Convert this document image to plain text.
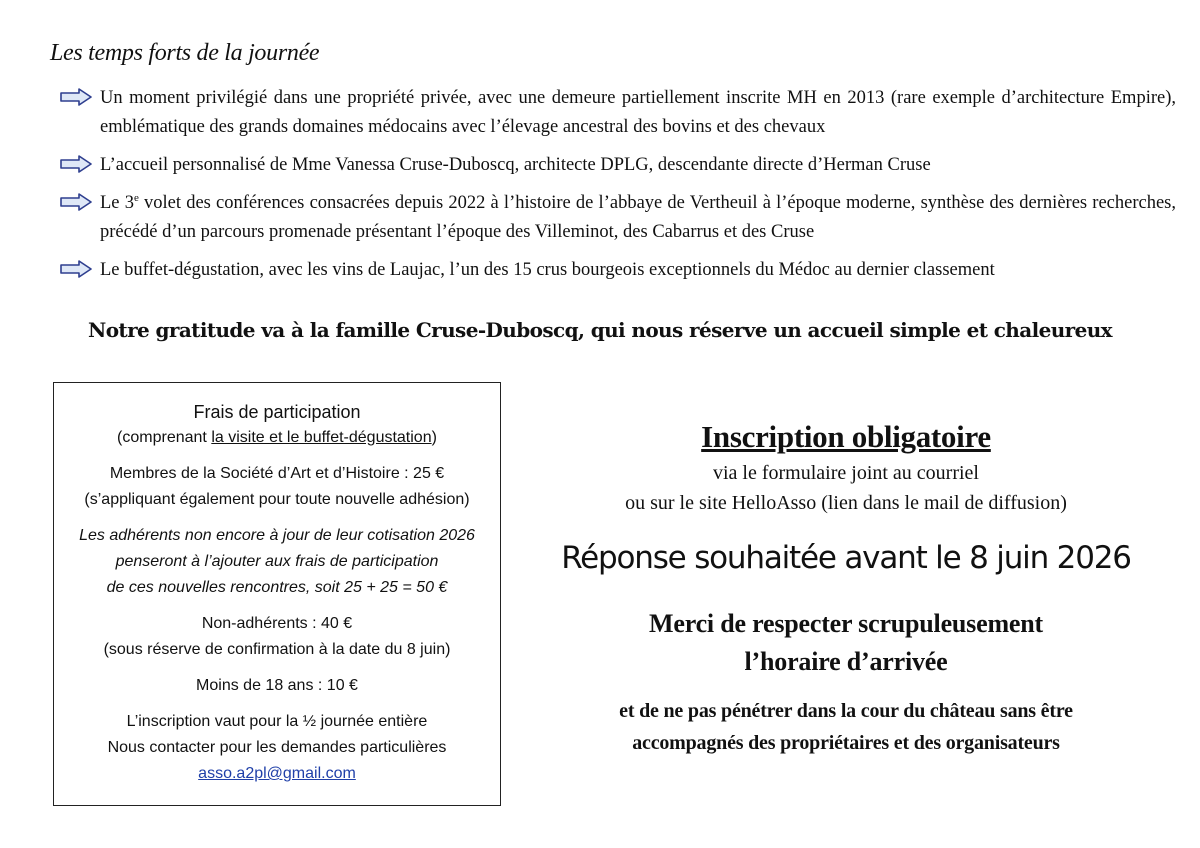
Les temps forts de la journée
Un moment privilégié dans une propriété privée, avec une demeure partiellement inscrite MH en 2013 (rare exemple d’architecture Empire), emblématique des grands domaines médocains avec l’élevage ancestral des bovins et des chevaux
L’accueil personnalisé de Mme Vanessa Cruse-Duboscq, architecte DPLG, descendante directe d’Herman Cruse
Le 3e volet des conférences consacrées depuis 2022 à l’histoire de l’abbaye de Vertheuil à l’époque moderne, synthèse des dernières recherches, précédé d’un parcours promenade présentant l’époque des Villeminot, des Cabarrus et des Cruse
Le buffet-dégustation, avec les vins de Laujac, l’un des 15 crus bourgeois exceptionnels du Médoc au dernier classement
Notre gratitude va à la famille Cruse-Duboscq, qui nous réserve un accueil simple et chaleureux
Frais de participation
(comprenant la visite et le buffet-dégustation)
Membres de la Société d’Art et d’Histoire : 25 €
(s’appliquant également pour toute nouvelle adhésion)
Les adhérents non encore à jour de leur cotisation 2026
penseront à l’ajouter aux frais de participation
de ces nouvelles rencontres, soit 25 + 25 = 50 €
Non-adhérents : 40 €
(sous réserve de confirmation à la date du 8 juin)
Moins de 18 ans : 10 €
L’inscription vaut pour la ½ journée entière
Nous contacter pour les demandes particulières
asso.a2pl@gmail.com
Inscription obligatoire
via le formulaire joint au courriel
ou sur le site HelloAsso (lien dans le mail de diffusion)
Réponse souhaitée avant le 8 juin 2026
Merci de respecter scrupuleusement
l’horaire d’arrivée
et de ne pas pénétrer dans la cour du château sans être
accompagnés des propriétaires et des organisateurs
